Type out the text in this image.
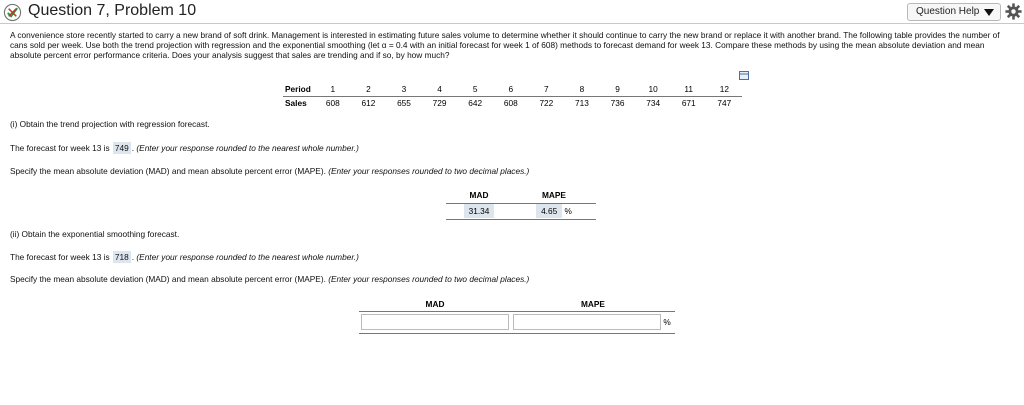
Question 7, Problem 10	Question Help
A convenience store recently started to carry a new brand of soft drink. Management is interested in estimating future sales volume to determine whether it should continue to carry the new brand or replace it with another brand. The following table provides the number of cans sold per week. Use both the trend projection with regression and the exponential smoothing (let α = 0.4 with an initial forecast for week 1 of 608) methods to forecast demand for week 13. Compare these methods by using the mean absolute deviation and mean absolute percent error performance criteria. Does your analysis suggest that sales are trending and if so, by how much?
Period	1	2	3	4	5	6	7	8	9	10	11	12
Sales	608	612	655	729	642	608	722	713	736	734	671	747
(i) Obtain the trend projection with regression forecast.
The forecast for week 13 is 749 . (Enter your response rounded to the nearest whole number.)
Specify the mean absolute deviation (MAD) and mean absolute percent error (MAPE). (Enter your responses rounded to two decimal places.)
MAD	MAPE
31.34	4.65 %
(ii) Obtain the exponential smoothing forecast.
The forecast for week 13 is 718 . (Enter your response rounded to the nearest whole number.)
Specify the mean absolute deviation (MAD) and mean absolute percent error (MAPE). (Enter your responses rounded to two decimal places.)
MAD	MAPE
	%
